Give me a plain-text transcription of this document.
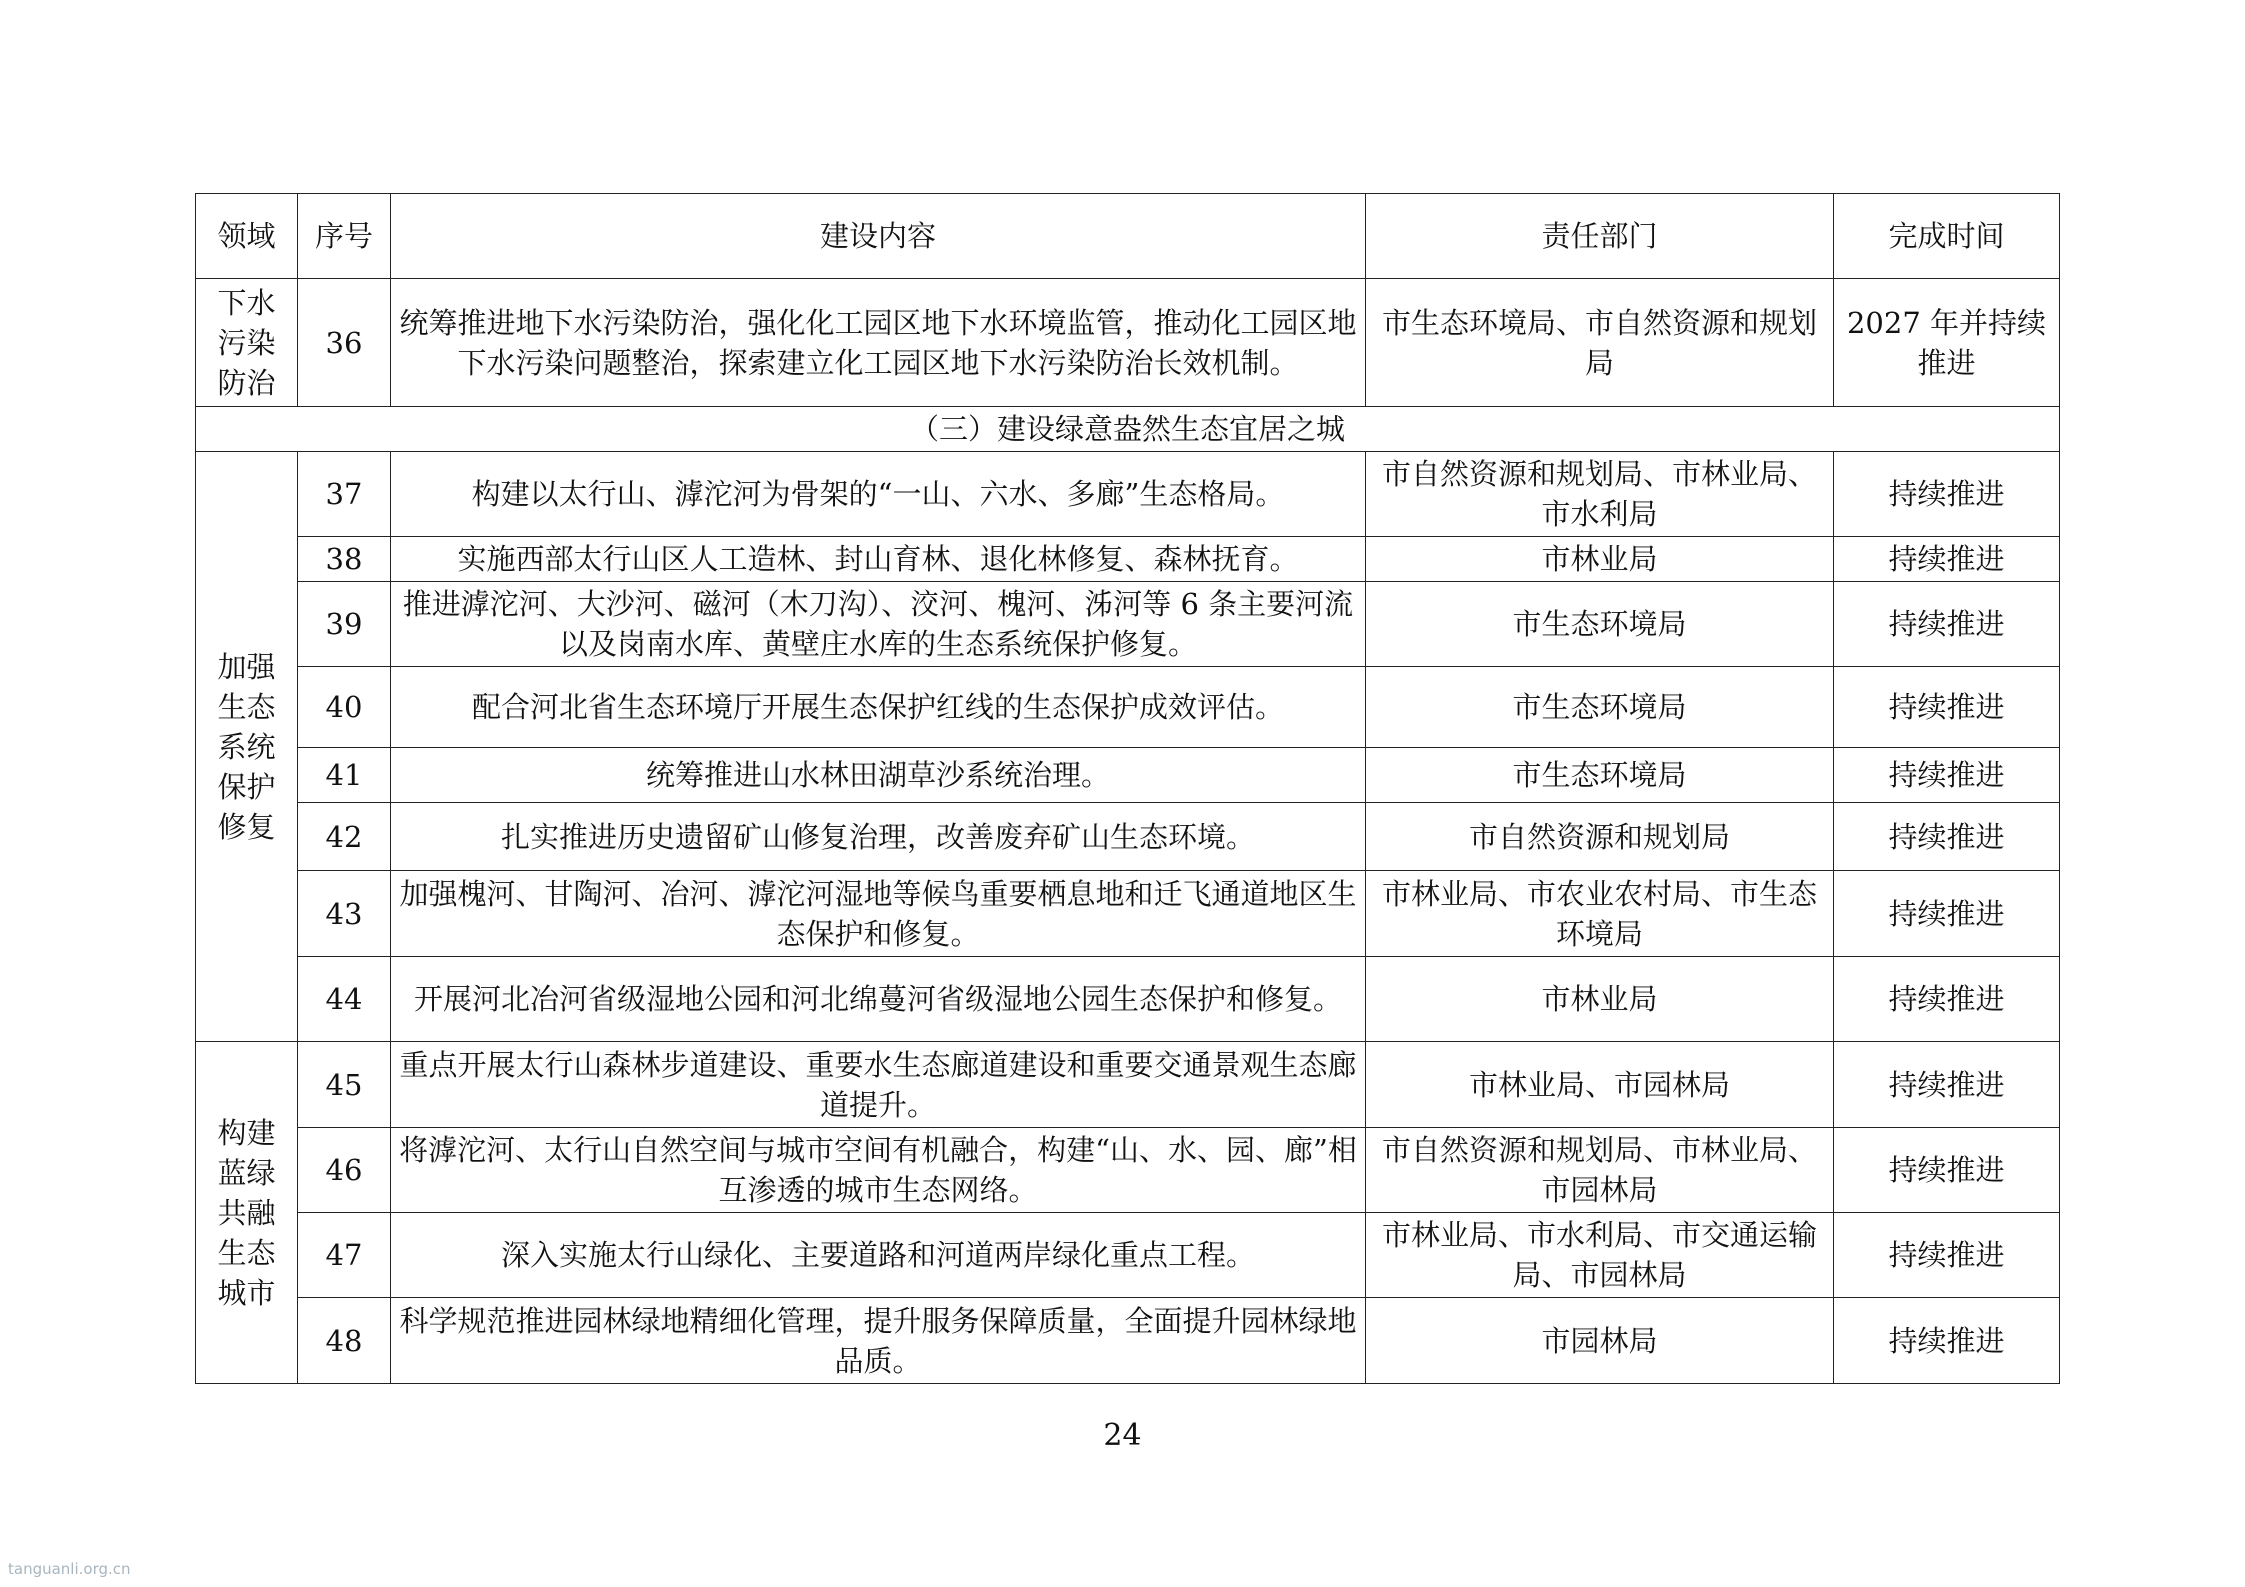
领域	序号	建设内容	责任部门	完成时间
下水污染防治	36	统筹推进地下水污染防治，强化化工园区地下水环境监管，推动化工园区地下水污染问题整治，探索建立化工园区地下水污染防治长效机制。	市生态环境局、市自然资源和规划局	2027 年并持续推进
（三）建设绿意盎然生态宜居之城				
加强生态系统保护修复	37	构建以太行山、滹沱河为骨架的“一山、六水、多廊”生态格局。	市自然资源和规划局、市林业局、市水利局	持续推进
	38	实施西部太行山区人工造林、封山育林、退化林修复、森林抚育。	市林业局	持续推进
	39	推进滹沱河、大沙河、磁河（木刀沟）、洨河、槐河、泲河等 6 条主要河流以及岗南水库、黄壁庄水库的生态系统保护修复。	市生态环境局	持续推进
	40	配合河北省生态环境厅开展生态保护红线的生态保护成效评估。	市生态环境局	持续推进
	41	统筹推进山水林田湖草沙系统治理。	市生态环境局	持续推进
	42	扎实推进历史遗留矿山修复治理，改善废弃矿山生态环境。	市自然资源和规划局	持续推进
	43	加强槐河、甘陶河、冶河、滹沱河湿地等候鸟重要栖息地和迁飞通道地区生态保护和修复。	市林业局、市农业农村局、市生态环境局	持续推进
	44	开展河北冶河省级湿地公园和河北绵蔓河省级湿地公园生态保护和修复。	市林业局	持续推进
构建蓝绿共融生态城市	45	重点开展太行山森林步道建设、重要水生态廊道建设和重要交通景观生态廊道提升。	市林业局、市园林局	持续推进
	46	将滹沱河、太行山自然空间与城市空间有机融合，构建“山、水、园、廊”相互渗透的城市生态网络。	市自然资源和规划局、市林业局、市园林局	持续推进
	47	深入实施太行山绿化、主要道路和河道两岸绿化重点工程。	市林业局、市水利局、市交通运输局、市园林局	持续推进
	48	科学规范推进园林绿地精细化管理，提升服务保障质量，全面提升园林绿地品质。	市园林局	持续推进
24
tanguanli.org.cn
